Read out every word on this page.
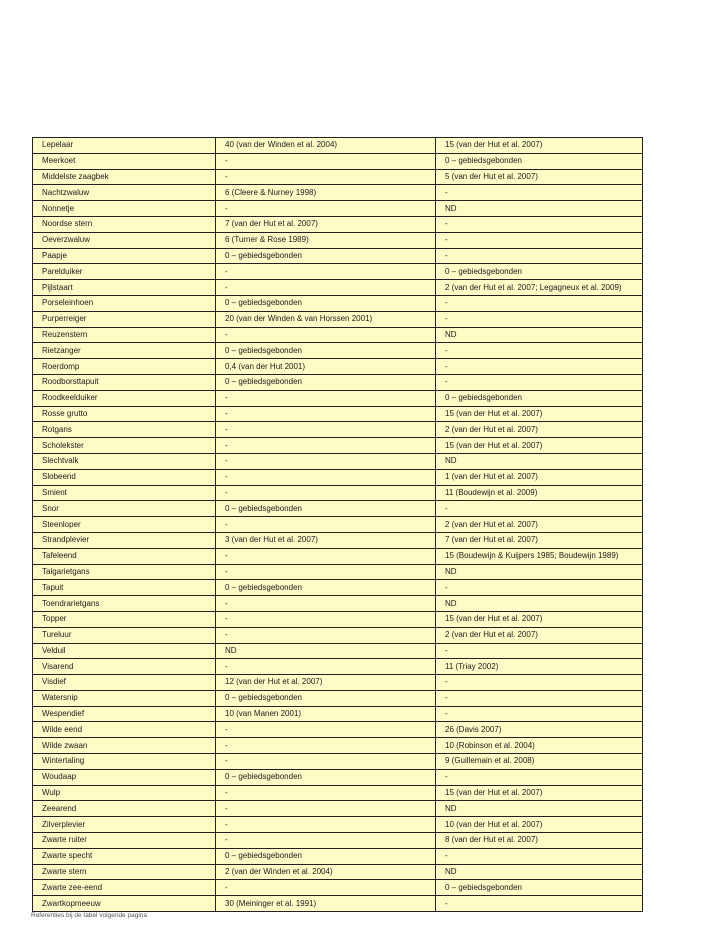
Lepelaar	40 (van der Winden et al. 2004)	15 (van der Hut et al. 2007)
Meerkoet	-	0 – gebiedsgebonden
Middelste zaagbek	-	5 (van der Hut et al. 2007)
Nachtzwaluw	6 (Cleere & Nurney 1998)	-
Nonnetje	-	ND
Noordse stern	7 (van der Hut et al. 2007)	-
Oeverzwaluw	6 (Turner & Rose 1989)	-
Paapje	0 – gebiedsgebonden	-
Parelduiker	-	0 – gebiedsgebonden
Pijlstaart	-	2 (van der Hut et al. 2007; Legagneux et al. 2009)
Porseleinhoen	0 – gebiedsgebonden	-
Purperreiger	20 (van der Winden & van Horssen 2001)	-
Reuzenstern	-	ND
Rietzanger	0 – gebiedsgebonden	-
Roerdomp	0,4 (van der Hut 2001)	-
Roodborsttapuit	0 – gebiedsgebonden	-
Roodkeelduiker	-	0 – gebiedsgebonden
Rosse grutto	-	15 (van der Hut et al. 2007)
Rotgans	-	2 (van der Hut et al. 2007)
Scholekster	-	15 (van der Hut et al. 2007)
Slechtvalk	-	ND
Slobeend	-	1 (van der Hut et al. 2007)
Smient	-	11 (Boudewijn et al. 2009)
Snor	0 – gebiedsgebonden	-
Steenloper	-	2 (van der Hut et al. 2007)
Strandplevier	3 (van der Hut et al. 2007)	7 (van der Hut et al. 2007)
Tafeleend	-	15 (Boudewijn & Kuijpers 1985; Boudewijn 1989)
Taigarietgans	-	ND
Tapuit	0 – gebiedsgebonden	-
Toendrarietgans	-	ND
Topper	-	15 (van der Hut et al. 2007)
Tureluur	-	2 (van der Hut et al. 2007)
Velduil	ND	-
Visarend	-	11 (Triay 2002)
Visdief	12 (van der Hut et al. 2007)	-
Watersnip	0 – gebiedsgebonden	-
Wespendief	10 (van Manen 2001)	-
Wilde eend	-	26 (Davis 2007)
Wilde zwaan	-	10 (Robinson et al. 2004)
Wintertaling	-	9 (Guillemain et al. 2008)
Woudaap	0 – gebiedsgebonden	-
Wulp	-	15 (van der Hut et al. 2007)
Zeearend	-	ND
Zilverplevier	-	10 (van der Hut et al. 2007)
Zwarte ruiter	-	8 (van der Hut et al. 2007)
Zwarte specht	0 – gebiedsgebonden	-
Zwarte stern	2 (van der Winden et al. 2004)	ND
Zwarte zee-eend	-	0 – gebiedsgebonden
Zwartkopmeeuw	30 (Meininger et al. 1991)	-
Referenties bij de tabel volgende pagina
